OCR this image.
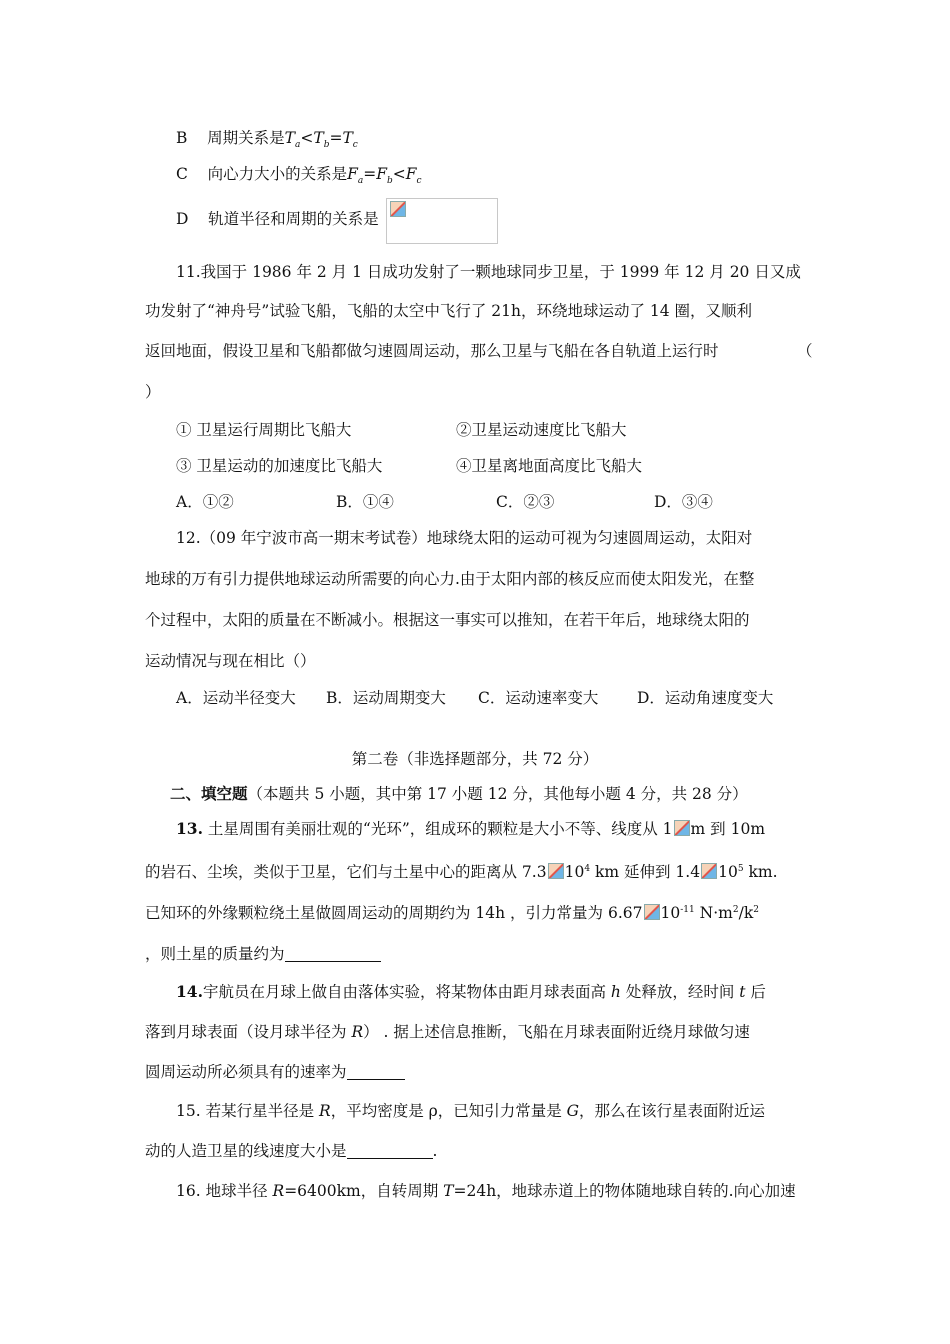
B 周期关系是$T_a<T_b=T_c$
C 向心力大小的关系是$F_a=F_b<F_c$
D 轨道半径和周期的关系是
11.我国于 1986 年 2 月 1 日成功发射了一颗地球同步卫星，于 1999 年 12 月 20 日又成
功发射了“神舟号”试验飞船，飞船的太空中飞行了 21h，环绕地球运动了 14 圈，又顺利
返回地面，假设卫星和飞船都做匀速圆周运动，那么卫星与飞船在各自轨道上运行时	（
）
① 卫星运行周期比飞船大	②卫星运动速度比飞船大
③ 卫星运动的加速度比飞船大	④卫星离地面高度比飞船大
A．①②	B．①④	C．②③	D．③④
12.（09 年宁波市高一期末考试卷）地球绕太阳的运动可视为匀速圆周运动，太阳对
地球的万有引力提供地球运动所需要的向心力.由于太阳内部的核反应而使太阳发光，在整
个过程中，太阳的质量在不断减小。根据这一事实可以推知，在若干年后，地球绕太阳的
运动情况与现在相比（）
A．运动半径变大 B．运动周期变大 C．运动速率变大 D．运动角速度变大
第二卷（非选择题部分，共 72 分）
二、填空题（本题共 5 小题，其中第 17 小题 12 分，其他每小题 4 分，共 28 分）
13. 土星周围有美丽壮观的“光环”，组成环的颗粒是大小不等、线度从 1 m 到 10m
的岩石、尘埃，类似于卫星，它们与土星中心的距离从 7.3 $10^4$ km 延伸到 1.4 $10^5$ km.
已知环的外缘颗粒绕土星做圆周运动的周期约为 14h ，引力常量为 6.67 $10^{-11}$ $N\cdot m^2/k^2$
，则土星的质量约为
14.宇航员在月球上做自由落体实验，将某物体由距月球表面高 h 处释放，经时间 t 后
落到月球表面（设月球半径为 R） . 据上述信息推断，飞船在月球表面附近绕月球做匀速
圆周运动所必须具有的速率为
15. 若某行星半径是 R，平均密度是 ρ，已知引力常量是 G，那么在该行星表面附近运
动的人造卫星的线速度大小是	.
16. 地球半径 R=6400km，自转周期 T=24h，地球赤道上的物体随地球自转的.向心加速
